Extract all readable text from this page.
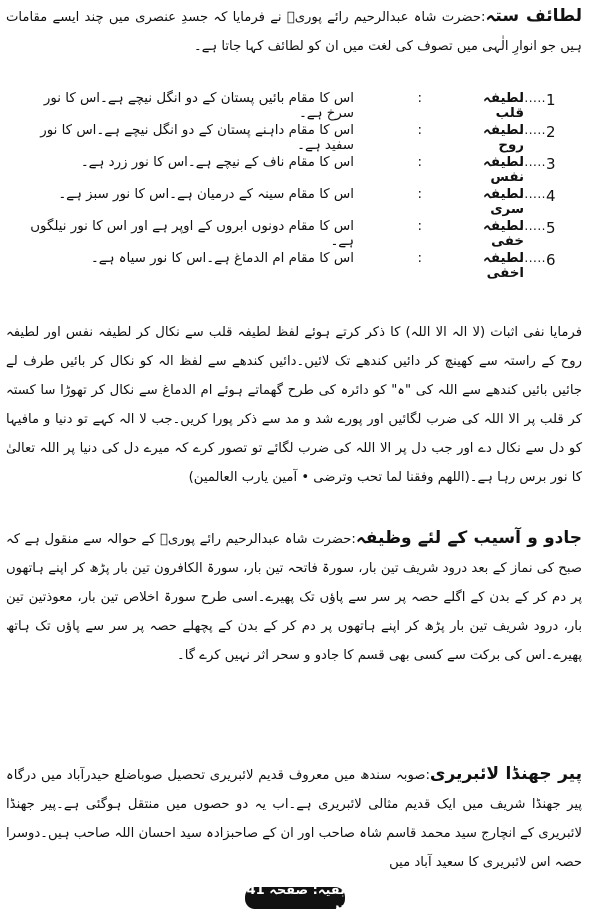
لطائف ستہ:حضرت شاہ عبدالرحیم رائے پوریؒ نے فرمایا کہ جسدِ عنصری میں چند ایسے مقامات ہیں جو انوارِ الٰہی میں تصوف کی لغت میں ان کو لطائف کہا جاتا ہے۔

1
......
لطیفہ قلب
:
اس کا مقام بائیں پستان کے دو انگل نیچے ہے۔اس کا نور سرخ ہے۔
2
......
لطیفہ روح
:
اس کا مقام داہنے پستان کے دو انگل نیچے ہے۔اس کا نور سفید ہے۔
3
......
لطیفہ نفس
:
اس کا مقام ناف کے نیچے ہے۔اس کا نور زرد ہے۔
4
......
لطیفہ سری
:
اس کا مقام سینہ کے درمیان ہے۔اس کا نور سبز ہے۔
5
......
لطیفہ خفی
:
اس کا مقام دونوں ابروں کے اوپر ہے اور اس کا نور نیلگوں ہے۔
6
......
لطیفہ اخفی
:
اس کا مقام ام الدماغ ہے۔اس کا نور سیاہ ہے۔

فرمایا نفی اثبات (لا الہ الا اللہ) کا ذکر کرتے ہوئے لفظ لطیفہ قلب سے نکال کر لطیفہ نفس اور لطیفہ روح کے راستہ سے کھینچ کر دائیں کندھے تک لائیں۔دائیں کندھے سے لفظ الہ کو نکال کر بائیں طرف لے جائیں بائیں کندھے سے اللہ کی "ہ" کو دائرہ کی طرح گھماتے ہوئے ام الدماغ سے نکال کر تھوڑا سا کستہ کر قلب پر الا اللہ کی ضرب لگائیں اور پورے شد و مد سے ذکر پورا کریں۔جب لا الہ کہے تو دنیا و مافیہا کو دل سے نکال دے اور جب دل پر الا اللہ کی ضرب لگائے تو تصور کرے کہ میرے دل کی دنیا پر اللہ تعالیٰ کا نور برس رہا ہے۔(اللھم وفقنا لما تحب وترضی • آمین یارب العالمین)

جادو و آسیب کے لئے وظیفہ:حضرت شاہ عبدالرحیم رائے پوریؒ کے حوالہ سے منقول ہے کہ صبح کی نماز کے بعد درود شریف تین بار، سورۃ فاتحہ تین بار، سورۃ الکافرون تین بار پڑھ کر اپنے ہاتھوں پر دم کر کے بدن کے اگلے حصہ پر سر سے پاؤں تک پھیرے۔اسی طرح سورۃ اخلاص تین بار، معوذتین تین بار، درود شریف تین بار پڑھ کر اپنے ہاتھوں پر دم کر کے بدن کے پچھلے حصہ پر سر سے پاؤں تک ہاتھ پھیرے۔اس کی برکت سے کسی بھی قسم کا جادو و سحر اثر نہیں کرے گا۔

پیر جھنڈا لائبریری:صوبہ سندھ میں معروف قدیم لائبریری تحصیل صوباضلع حیدرآباد میں درگاہ پیر جھنڈا شریف میں ایک قدیم مثالی لائبریری ہے۔اب یہ دو حصوں میں منتقل ہوگئی ہے۔پیر جھنڈا لائبریری کے انچارج سید محمد قاسم شاہ صاحب اور ان کے صاحبزادہ سید احسان اللہ صاحب ہیں۔دوسرا حصہ اس لائبریری کا سعید آباد میں

بقیہ: صفحہ 41 پر
